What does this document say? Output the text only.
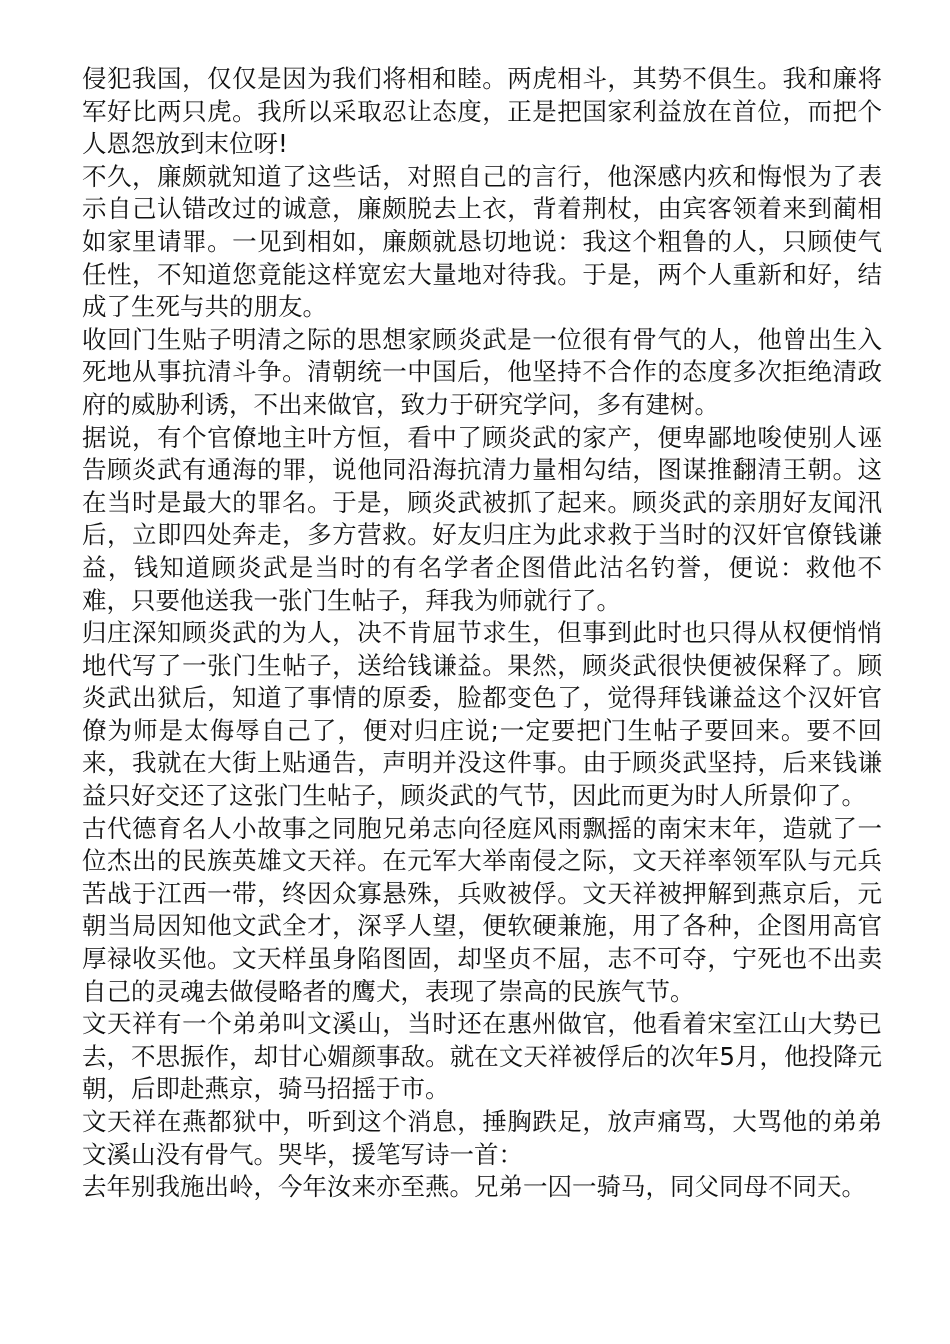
侵犯我国，仅仅是因为我们将相和睦。两虎相斗，其势不俱生。我和廉将军好比两只虎。我所以采取忍让态度，正是把国家利益放在首位，而把个人恩怨放到末位呀!

不久，廉颇就知道了这些话，对照自己的言行，他深感内疚和悔恨为了表示自己认错改过的诚意，廉颇脱去上衣，背着荆杖，由宾客领着来到蔺相如家里请罪。一见到相如，廉颇就恳切地说：我这个粗鲁的人，只顾使气任性，不知道您竟能这样宽宏大量地对待我。于是，两个人重新和好，结成了生死与共的朋友。

收回门生贴子明清之际的思想家顾炎武是一位很有骨气的人，他曾出生入死地从事抗清斗争。清朝统一中国后，他坚持不合作的态度多次拒绝清政府的威胁利诱，不出来做官，致力于研究学问，多有建树。

据说，有个官僚地主叶方恒，看中了顾炎武的家产，便卑鄙地唆使别人诬告顾炎武有通海的罪，说他同沿海抗清力量相勾结，图谋推翻清王朝。这在当时是最大的罪名。于是，顾炎武被抓了起来。顾炎武的亲朋好友闻汛后，立即四处奔走，多方营救。好友归庄为此求救于当时的汉奸官僚钱谦益，钱知道顾炎武是当时的有名学者企图借此沽名钓誉，便说：救他不难，只要他送我一张门生帖子，拜我为师就行了。

归庄深知顾炎武的为人，决不肯屈节求生，但事到此时也只得从权便悄悄地代写了一张门生帖子，送给钱谦益。果然，顾炎武很快便被保释了。顾炎武出狱后，知道了事情的原委，脸都变色了，觉得拜钱谦益这个汉奸官僚为师是太侮辱自己了，便对归庄说;一定要把门生帖子要回来。要不回来，我就在大街上贴通告，声明并没这件事。由于顾炎武坚持，后来钱谦益只好交还了这张门生帖子，顾炎武的气节，因此而更为时人所景仰了。

古代德育名人小故事之同胞兄弟志向径庭风雨飘摇的南宋末年，造就了一位杰出的民族英雄文天祥。在元军大举南侵之际，文天祥率领军队与元兵苦战于江西一带，终因众寡悬殊，兵败被俘。文天祥被押解到燕京后，元朝当局因知他文武全才，深孚人望，便软硬兼施，用了各种，企图用高官厚禄收买他。文天样虽身陷图固，却坚贞不屈，志不可夺，宁死也不出卖自己的灵魂去做侵略者的鹰犬，表现了崇高的民族气节。

文天祥有一个弟弟叫文溪山，当时还在惠州做官，他看着宋室江山大势已去，不思振作，却甘心媚颜事敌。就在文天祥被俘后的次年5月，他投降元朝，后即赴燕京，骑马招摇于市。

文天祥在燕都狱中，听到这个消息，捶胸跌足，放声痛骂，大骂他的弟弟文溪山没有骨气。哭毕，援笔写诗一首：

去年别我施出岭，今年汝来亦至燕。兄弟一囚一骑马，同父同母不同天。
